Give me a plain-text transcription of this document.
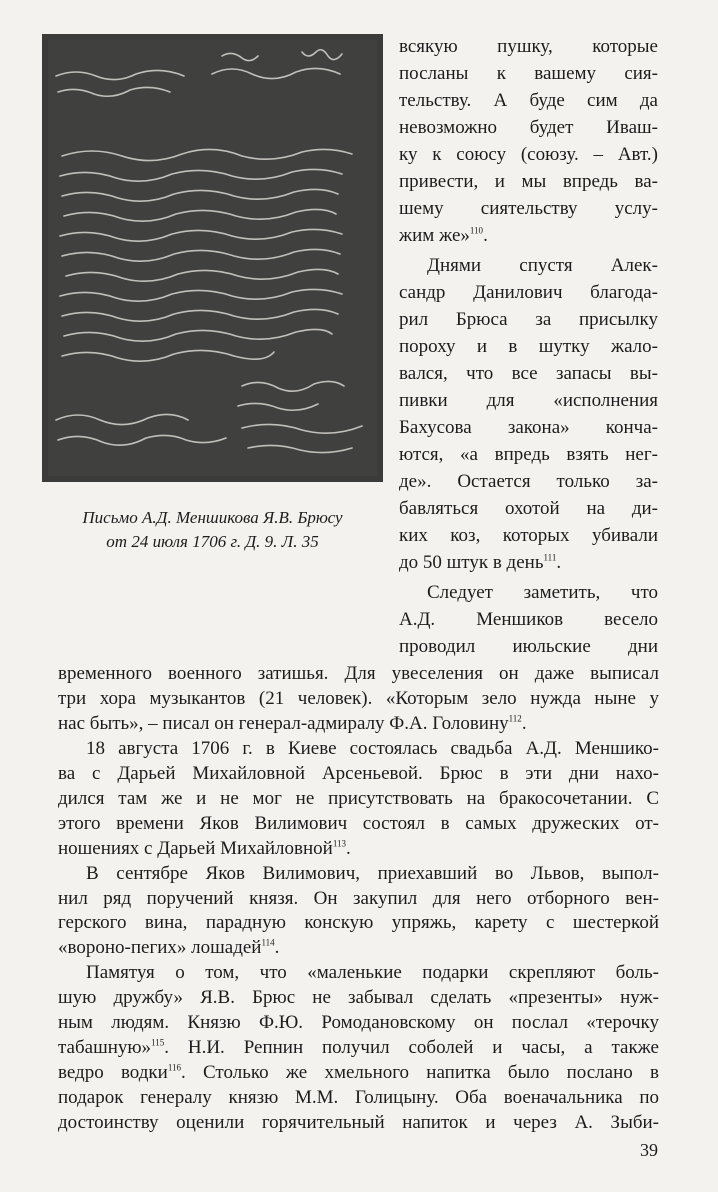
Письмо А.Д. Меншикова Я.В. Брюсу
от 24 июля 1706 г. Д. 9. Л. 35
всякую пушку, которые
посланы к вашему сия-
тельству. А буде сим да
невозможно будет Иваш-
ку к союсу (союзу. – Авт.)
привести, и мы впредь ва-
шему сиятельству услу-
жим же»$^{110}$.
Днями спустя Алек-
сандр Данилович благода-
рил Брюса за присылку
пороху и в шутку жало-
вался, что все запасы вы-
пивки для «исполнения
Бахусова закона» конча-
ются, «а впредь взять нег-
де». Остается только за-
бавляться охотой на ди-
ких коз, которых убивали
до 50 штук в день$^{111}$.
Следует заметить, что
А.Д. Меншиков весело
проводил июльские дни
временного военного затишья. Для увеселения он даже выписал
три хора музыкантов (21 человек). «Которым зело нужда ныне у
нас быть», – писал он генерал-адмиралу Ф.А. Головину$^{112}$.
18 августа 1706 г. в Киеве состоялась свадьба А.Д. Меншико-
ва с Дарьей Михайловной Арсеньевой. Брюс в эти дни нахо-
дился там же и не мог не присутствовать на бракосочетании. С
этого времени Яков Вилимович состоял в самых дружеских от-
ношениях с Дарьей Михайловной$^{113}$.
В сентябре Яков Вилимович, приехавший во Львов, выпол-
нил ряд поручений князя. Он закупил для него отборного вен-
герского вина, парадную конскую упряжь, карету с шестеркой
«вороно-пегих» лошадей$^{114}$.
Памятуя о том, что «маленькие подарки скрепляют боль-
шую дружбу» Я.В. Брюс не забывал сделать «презенты» нуж-
ным людям. Князю Ф.Ю. Ромодановскому он послал «терочку
табашную»$^{115}$. Н.И. Репнин получил соболей и часы, а также
ведро водки$^{116}$. Столько же хмельного напитка было послано в
подарок генералу князю М.М. Голицыну. Оба военачальника по
достоинству оценили горячительный напиток и через А. Зыби-
39
